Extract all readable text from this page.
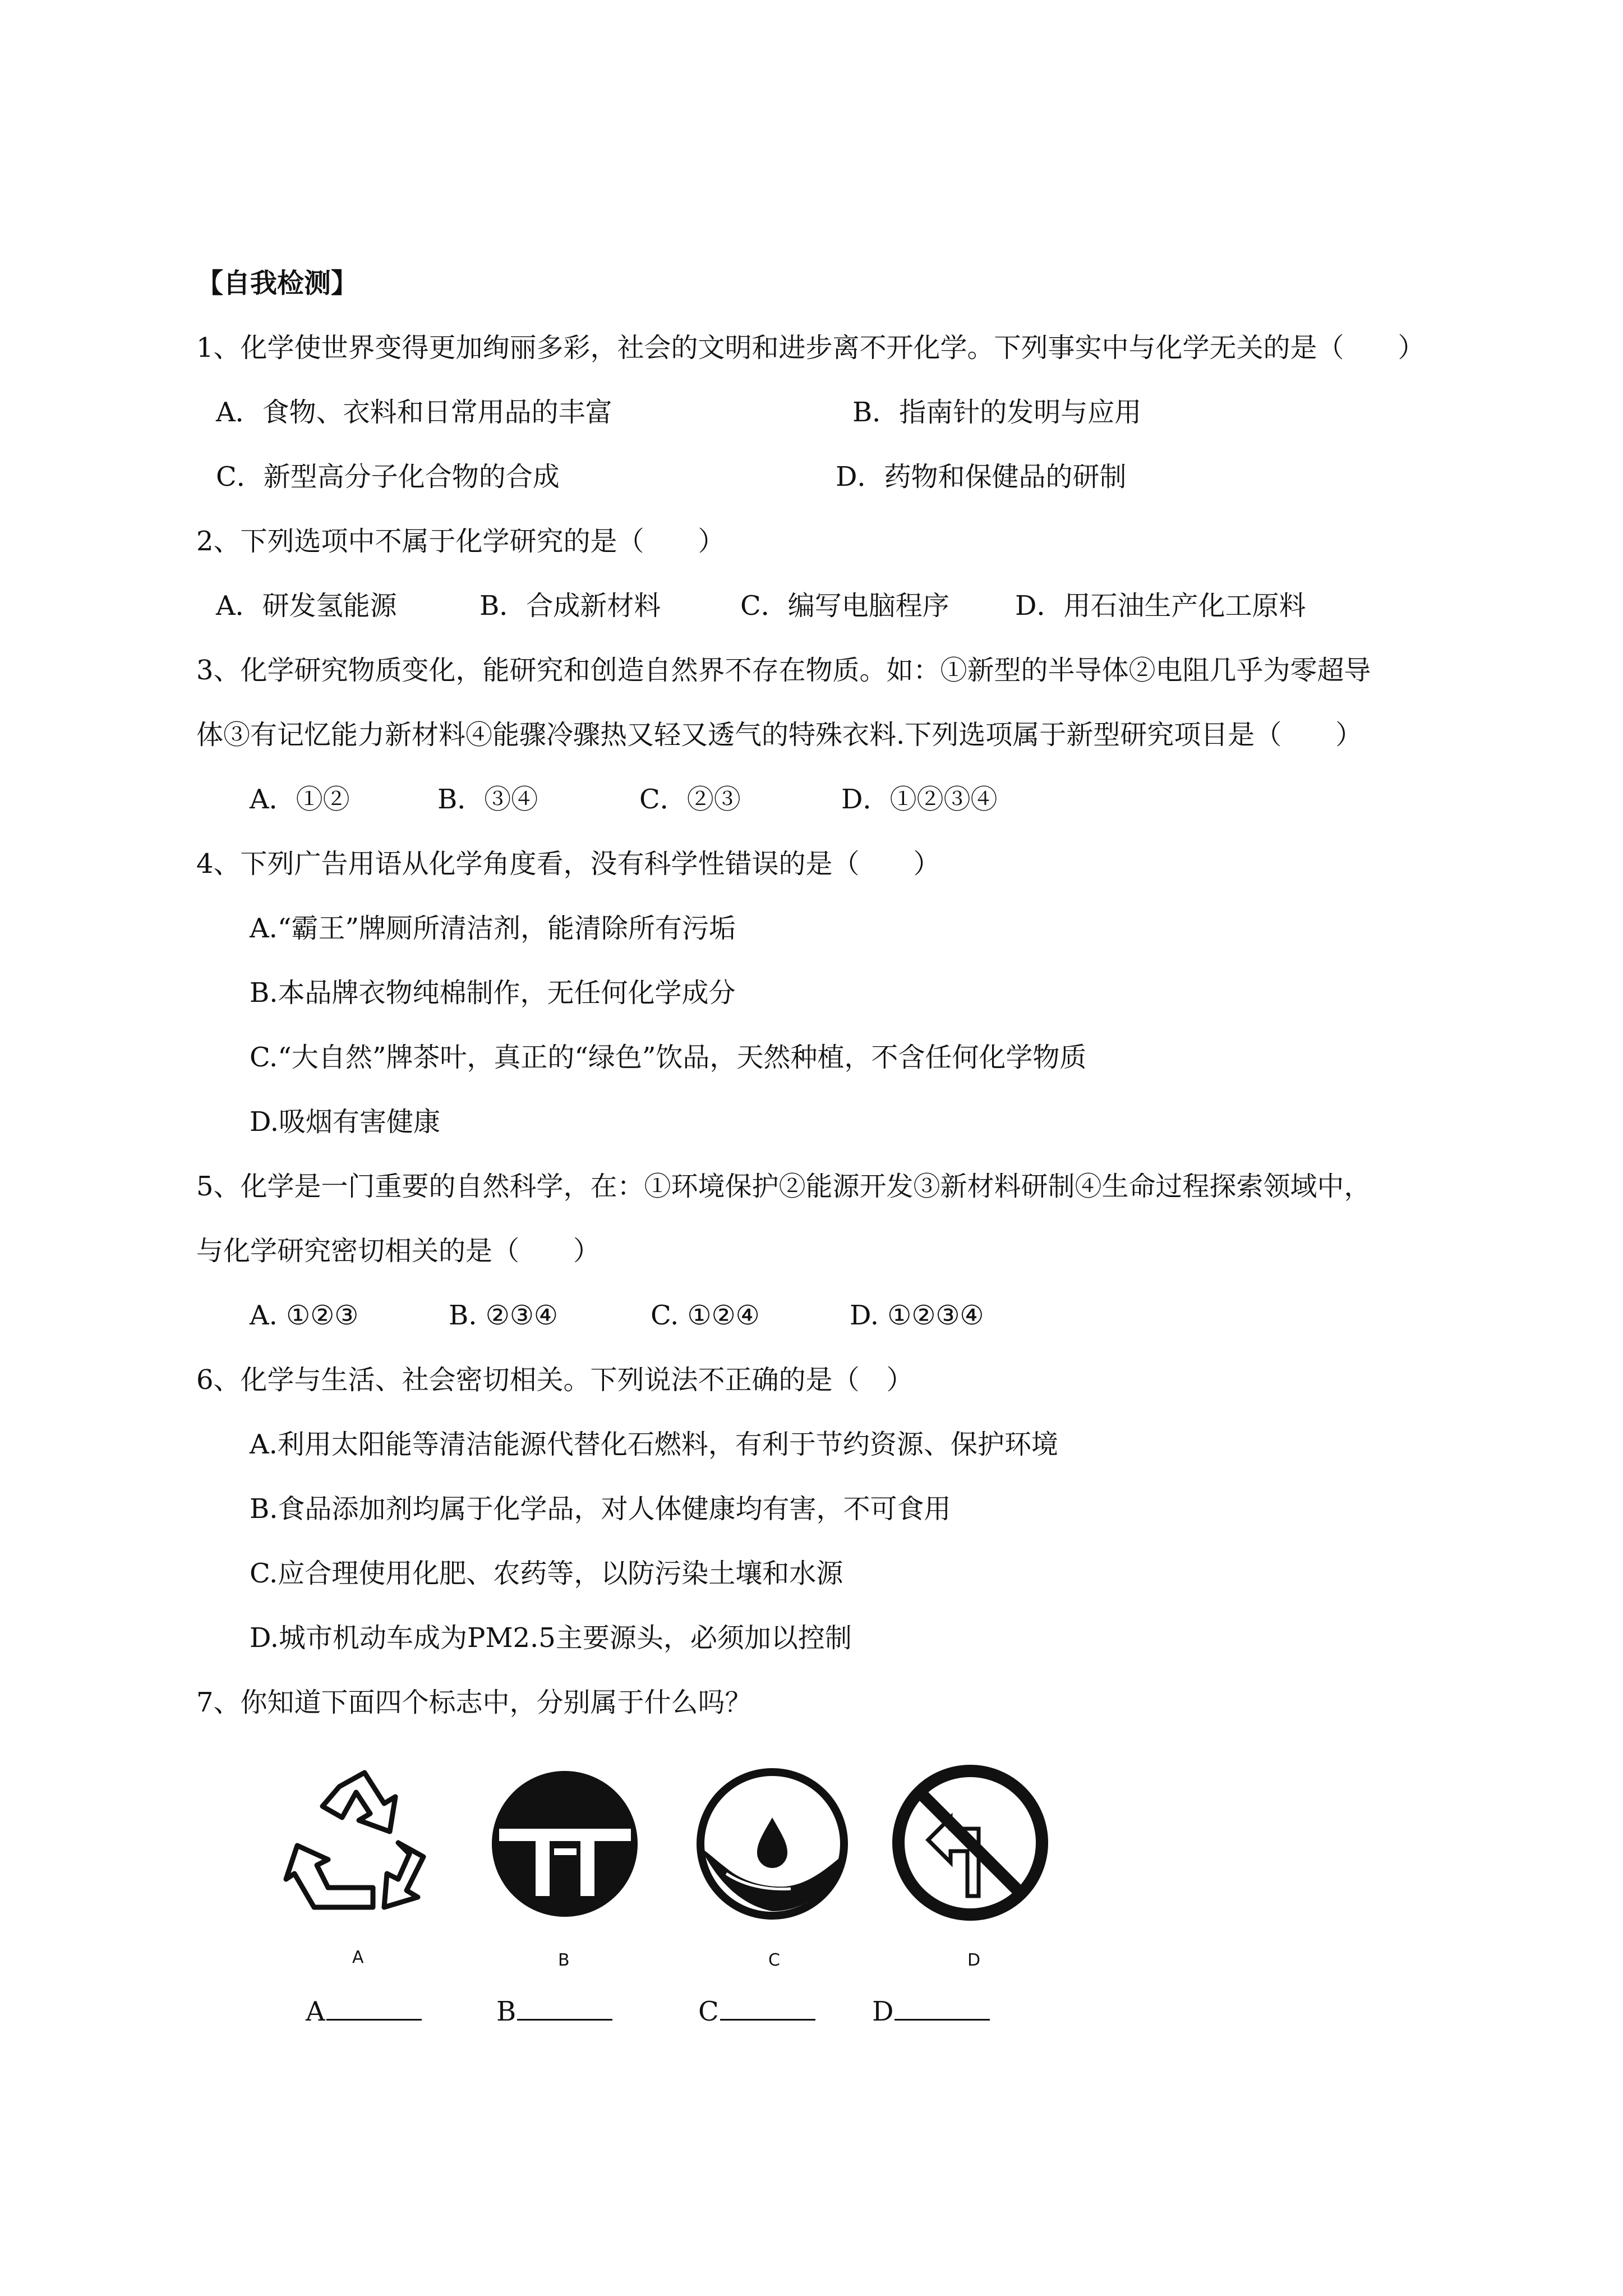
【自我检测】
1、化学使世界变得更加绚丽多彩，社会的文明和进步离不开化学。下列事实中与化学无关的是（　　）
A．食物、衣料和日常用品的丰富	B．指南针的发明与应用
C．新型高分子化合物的合成	D．药物和保健品的研制
2、下列选项中不属于化学研究的是（　　）
A．研发氢能源	B．合成新材料	C．编写电脑程序 D．用石油生产化工原料
3、化学研究物质变化，能研究和创造自然界不存在物质。如：①新型的半导体②电阻几乎为零超导
体③有记忆能力新材料④能骤冷骤热又轻又透气的特殊衣料.下列选项属于新型研究项目是（　　）
A．①②	B．③④	C．②③	D．①②③④
4、下列广告用语从化学角度看，没有科学性错误的是（　　）
A.“霸王”牌厕所清洁剂，能清除所有污垢
B.本品牌衣物纯棉制作，无任何化学成分
C.“大自然”牌茶叶，真正的“绿色”饮品，天然种植，不含任何化学物质
D.吸烟有害健康
5、化学是一门重要的自然科学，在：①环境保护②能源开发③新材料研制④生命过程探索领域中，
与化学研究密切相关的是（　　）
A. ①②③	B. ②③④	C. ①②④	D. ①②③④
6、化学与生活、社会密切相关。下列说法不正确的是（　）
A.利用太阳能等清洁能源代替化石燃料，有利于节约资源、保护环境
B.食品添加剂均属于化学品，对人体健康均有害，不可食用
C.应合理使用化肥、农药等，以防污染土壤和水源
D.城市机动车成为PM2.5主要源头，必须加以控制
7、你知道下面四个标志中，分别属于什么吗？
A	B	C	D
A	B	C	D
